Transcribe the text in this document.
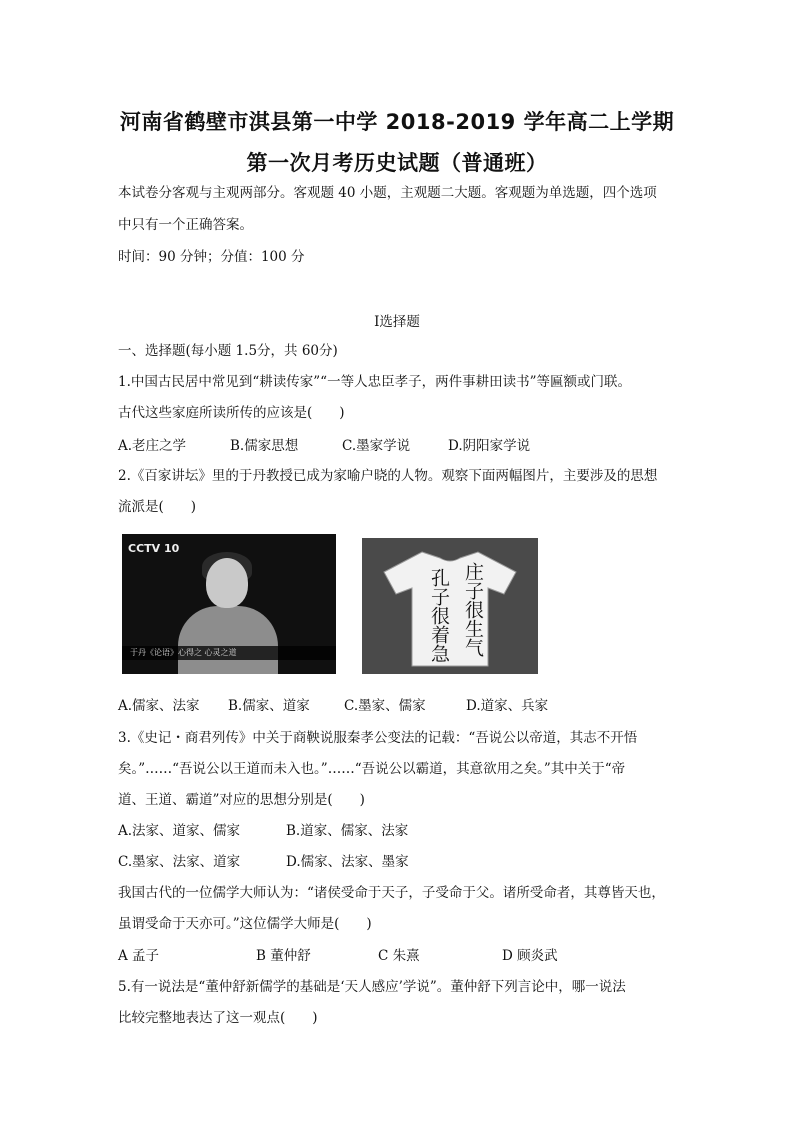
河南省鹤壁市淇县第一中学 2018-2019 学年高二上学期
第一次月考历史试题（普通班）
本试卷分客观与主观两部分。客观题 40 小题，主观题二大题。客观题为单选题，四个选项
中只有一个正确答案。
时间：90 分钟；分值：100 分
I选择题
一、选择题(每小题 1.5分，共 60分)
1.中国古民居中常见到“耕读传家”“一等人忠臣孝子，两件事耕田读书”等匾额或门联。
古代这些家庭所读所传的应该是(　　)
A.老庄之学	B.儒家思想	C.墨家学说	D.阴阳家学说
2.《百家讲坛》里的于丹教授已成为家喻户晓的人物。观察下面两幅图片，主要涉及的思想
流派是(　　)
CCTV 10
于丹《论语》心得之 心灵之道	庄子很生气
孔子很着急
A.儒家、法家 B.儒家、道家	C.墨家、儒家	D.道家、兵家
3.《史记・商君列传》中关于商鞅说服秦孝公变法的记载：“吾说公以帝道，其志不开悟
矣。”……“吾说公以王道而未入也。”……“吾说公以霸道，其意欲用之矣。”其中关于“帝
道、王道、霸道”对应的思想分别是(　　)
A.法家、道家、儒家	B.道家、儒家、法家
C.墨家、法家、道家	D.儒家、法家、墨家
我国古代的一位儒学大师认为：“诸侯受命于天子，子受命于父。诸所受命者，其尊皆天也，
虽谓受命于天亦可。”这位儒学大师是(　　)
A 孟子	B 董仲舒	C 朱熹	D 顾炎武
5.有一说法是“董仲舒新儒学的基础是‘天人感应’学说”。董仲舒下列言论中，哪一说法
比较完整地表达了这一观点(　　)
